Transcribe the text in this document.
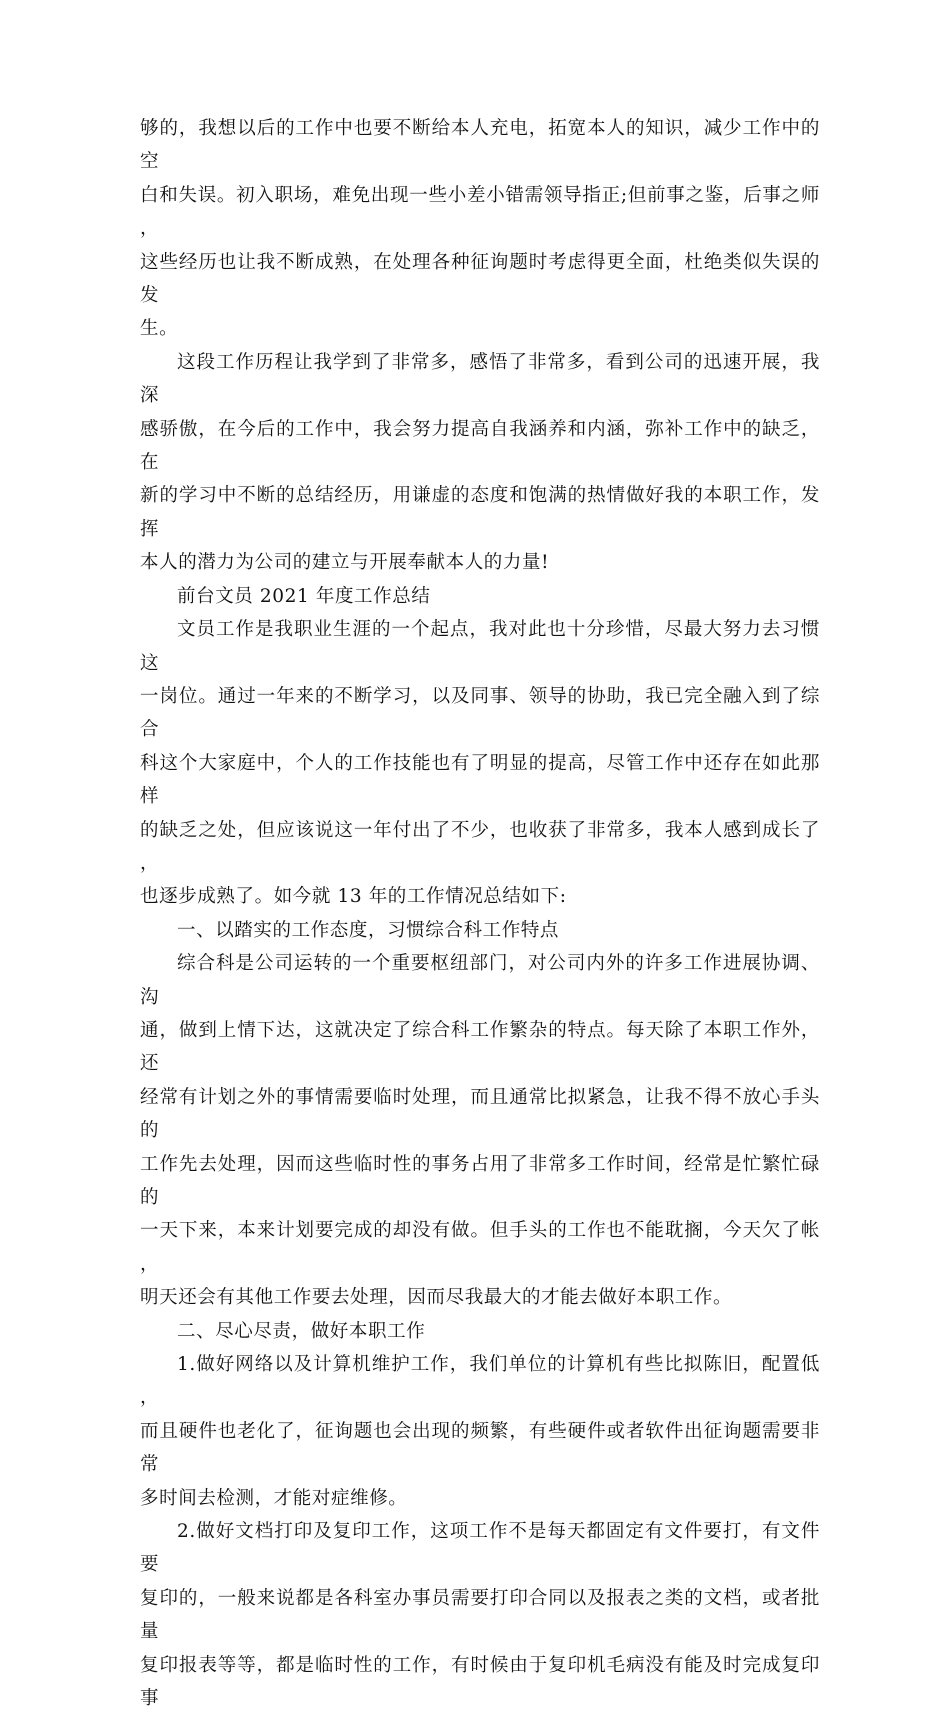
够的，我想以后的工作中也要不断给本人充电，拓宽本人的知识，减少工作中的空
白和失误。初入职场，难免出现一些小差小错需领导指正;但前事之鉴，后事之师，
这些经历也让我不断成熟，在处理各种征询题时考虑得更全面，杜绝类似失误的发
生。
这段工作历程让我学到了非常多，感悟了非常多，看到公司的迅速开展，我深
感骄傲，在今后的工作中，我会努力提高自我涵养和内涵，弥补工作中的缺乏，在
新的学习中不断的总结经历，用谦虚的态度和饱满的热情做好我的本职工作，发挥
本人的潜力为公司的建立与开展奉献本人的力量!
前台文员 2021 年度工作总结
文员工作是我职业生涯的一个起点，我对此也十分珍惜，尽最大努力去习惯这
一岗位。通过一年来的不断学习，以及同事、领导的协助，我已完全融入到了综合
科这个大家庭中，个人的工作技能也有了明显的提高，尽管工作中还存在如此那样
的缺乏之处，但应该说这一年付出了不少，也收获了非常多，我本人感到成长了，
也逐步成熟了。如今就 13 年的工作情况总结如下:
一、以踏实的工作态度，习惯综合科工作特点
综合科是公司运转的一个重要枢纽部门，对公司内外的许多工作进展协调、沟
通，做到上情下达，这就决定了综合科工作繁杂的特点。每天除了本职工作外，还
经常有计划之外的事情需要临时处理，而且通常比拟紧急，让我不得不放心手头的
工作先去处理，因而这些临时性的事务占用了非常多工作时间，经常是忙繁忙碌的
一天下来，本来计划要完成的却没有做。但手头的工作也不能耽搁，今天欠了帐，
明天还会有其他工作要去处理，因而尽我最大的才能去做好本职工作。
二、尽心尽责，做好本职工作
1.做好网络以及计算机维护工作，我们单位的计算机有些比拟陈旧，配置低，
而且硬件也老化了，征询题也会出现的频繁，有些硬件或者软件出征询题需要非常
多时间去检测，才能对症维修。
2.做好文档打印及复印工作，这项工作不是每天都固定有文件要打，有文件要
复印的，一般来说都是各科室办事员需要打印合同以及报表之类的文档，或者批量
复印报表等等，都是临时性的工作，有时候由于复印机毛病没有能及时完成复印事
